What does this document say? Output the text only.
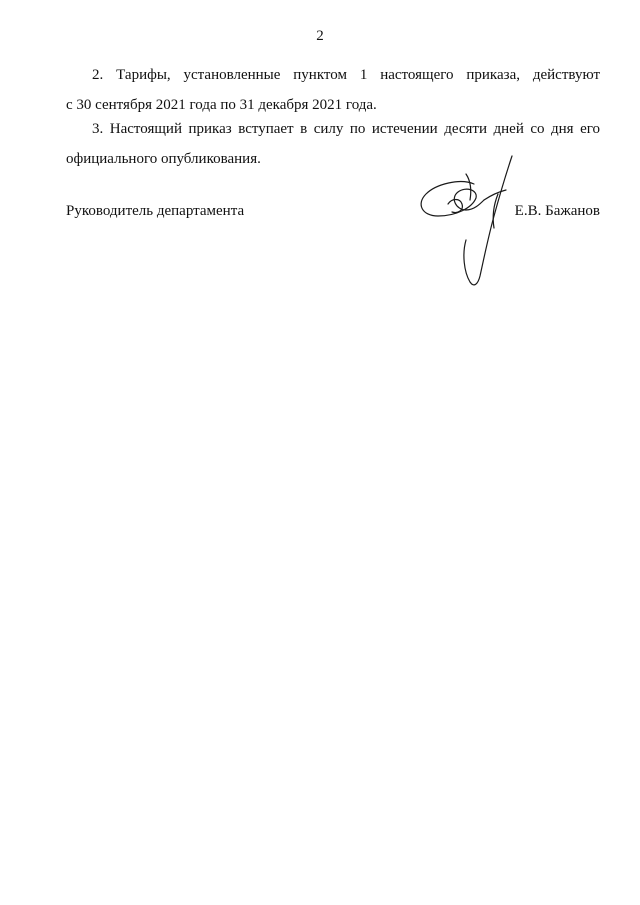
2
2. Тарифы, установленные пунктом 1 настоящего приказа, действуют
с 30 сентября 2021 года по 31 декабря 2021 года.
3. Настоящий приказ вступает в силу по истечении десяти дней со дня его
официального опубликования.
Руководитель департамента	Е.В. Бажанов
